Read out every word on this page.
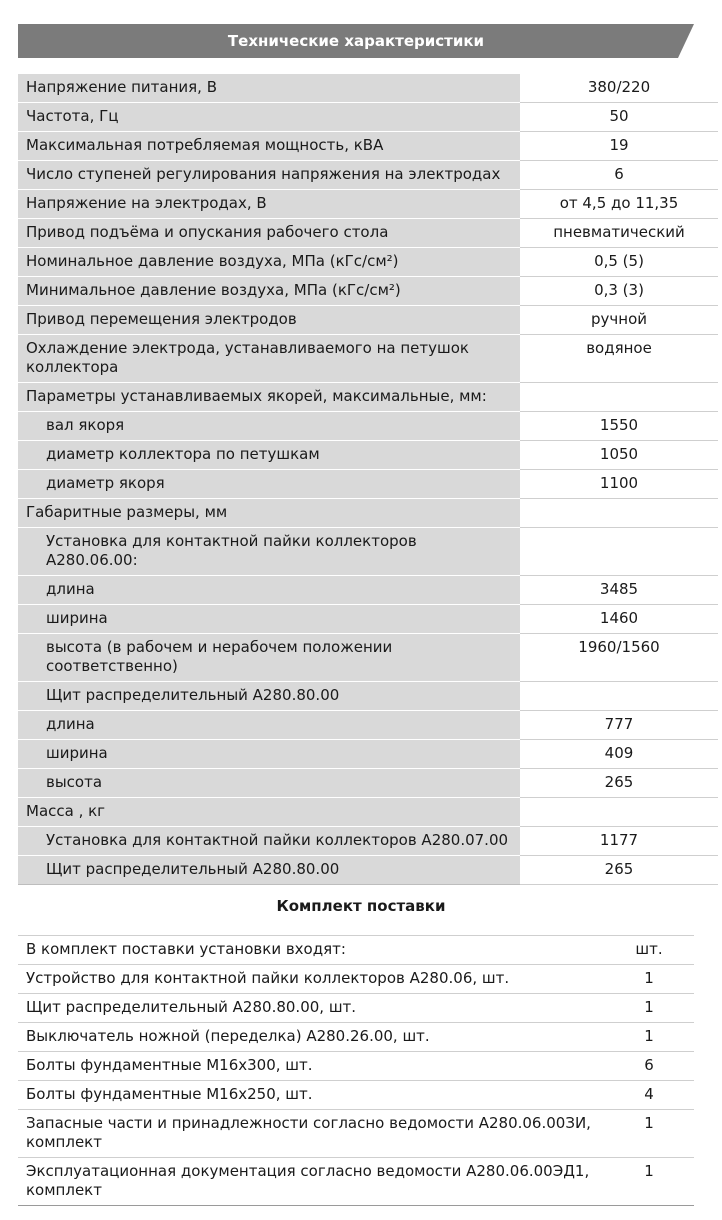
Технические характеристики
Напряжение питания, В	380/220
Частота, Гц	50
Максимальная потребляемая мощность, кВА	19
Число ступеней регулирования напряжения на электродах	6
Напряжение на электродах, В	от 4,5 до 11,35
Привод подъёма и опускания рабочего стола	пневматический
Номинальное давление воздуха, МПа (кГс/см²)	0,5 (5)
Минимальное давление воздуха, МПа (кГс/см²)	0,3 (3)
Привод перемещения электродов	ручной
Охлаждение электрода, устанавливаемого на петушок коллектора	водяное
Параметры устанавливаемых якорей, максимальные, мм:	
вал якоря	1550
диаметр коллектора по петушкам	1050
диаметр якоря	1100
Габаритные размеры, мм	
Установка для контактной пайки коллекторов А280.06.00:	
длина	3485
ширина	1460
высота (в рабочем и нерабочем положении соответственно)	1960/1560
Щит распределительный А280.80.00	
длина	777
ширина	409
высота	265
Масса , кг	
Установка для контактной пайки коллекторов А280.07.00	1177
Щит распределительный А280.80.00	265
Комплект поставки
В комплект поставки установки входят:	шт.
Устройство для контактной пайки коллекторов А280.06, шт.	1
Щит распределительный А280.80.00, шт.	1
Выключатель ножной (переделка) А280.26.00, шт.	1
Болты фундаментные М16х300, шт.	6
Болты фундаментные М16х250, шт.	4
Запасные части и принадлежности согласно ведомости А280.06.00ЗИ, комплект	1
Эксплуатационная документация согласно ведомости А280.06.00ЭД1, комплект	1
